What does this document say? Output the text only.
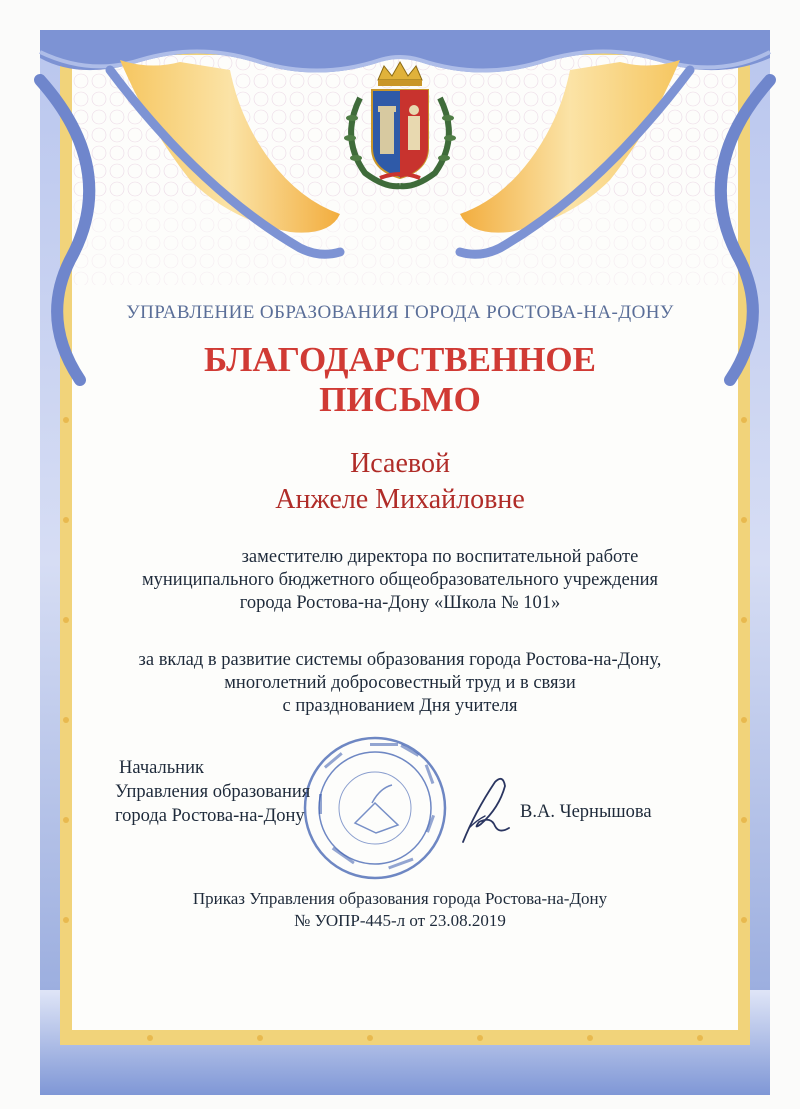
УПРАВЛЕНИЕ ОБРАЗОВАНИЯ ГОРОДА РОСТОВА-НА-ДОНУ
БЛАГОДАРСТВЕННОЕ
ПИСЬМО
Исаевой
Анжеле Михайловне
заместителю директора по воспитательной работе
муниципального бюджетного общеобразовательного учреждения
города Ростова-на-Дону «Школа № 101»
за вклад в развитие системы образования города Ростова-на-Дону,
многолетний добросовестный труд и в связи
с празднованием Дня учителя
Начальник
Управления образования
города Ростова-на-Дону	В.А. Чернышова
Приказ Управления образования города Ростова-на-Дону
№ УОПР-445-л от 23.08.2019
